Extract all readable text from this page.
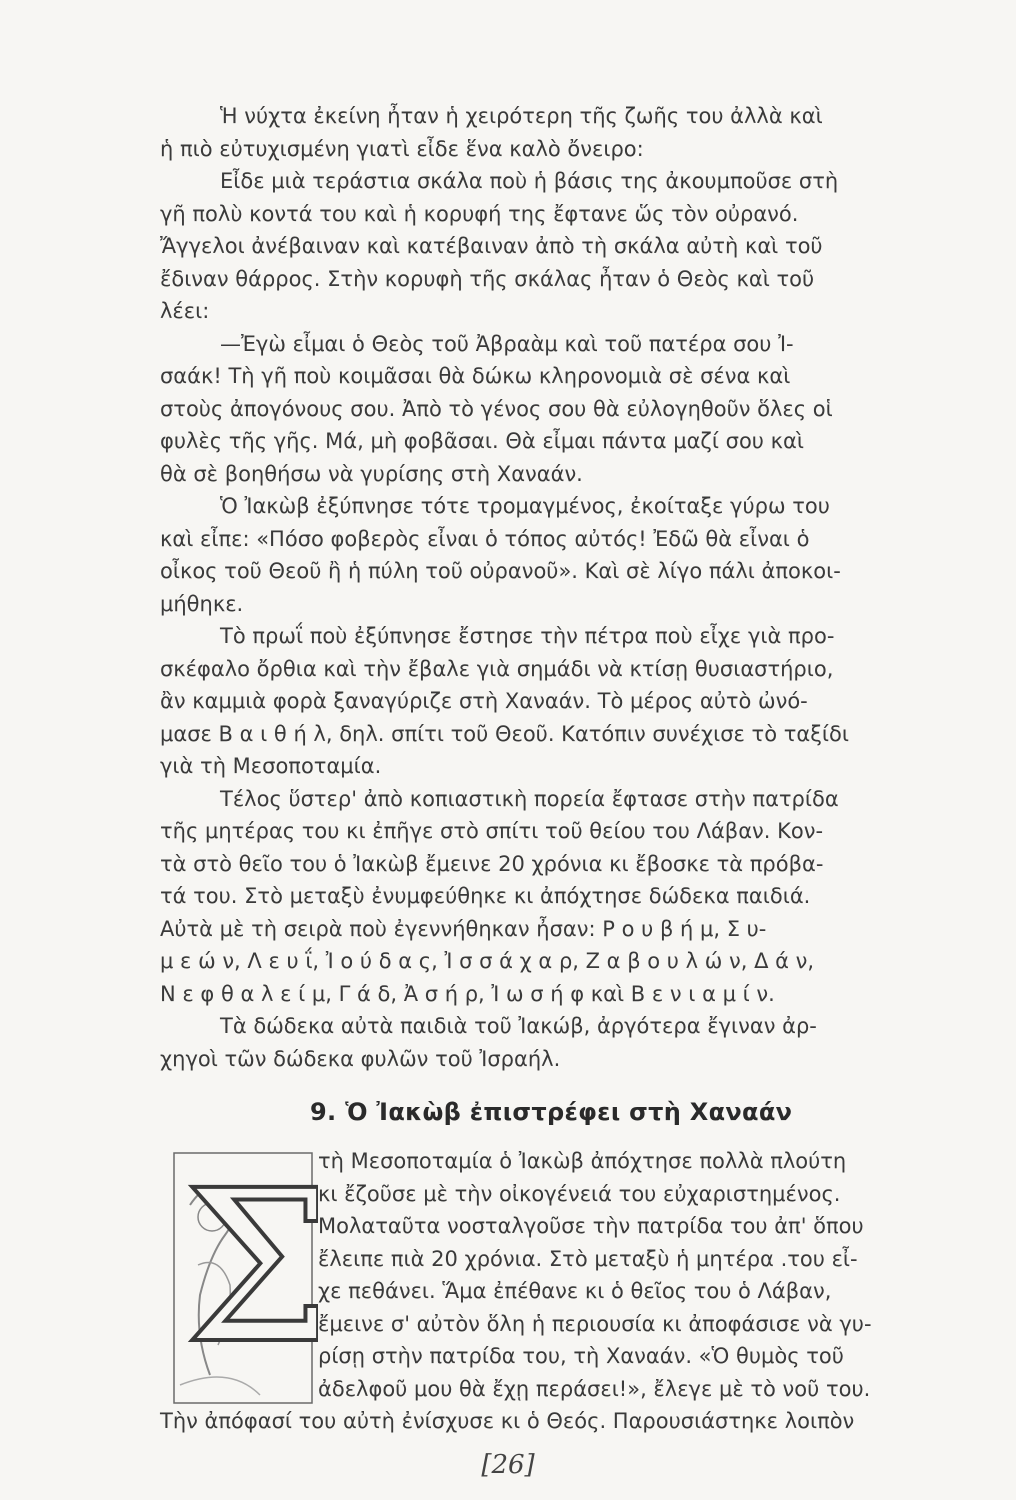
Ἡ νύχτα ἐκείνη ἦταν ἡ χειρότερη τῆς ζωῆς του ἀλλὰ καὶ
ἡ πιὸ εὐτυχισμένη γιατὶ εἶδε ἕνα καλὸ ὄνειρο:

Εἶδε μιὰ τεράστια σκάλα ποὺ ἡ βάσις της ἀκουμποῦσε στὴ
γῆ πολὺ κοντά του καὶ ἡ κορυφή της ἔφτανε ὥς τὸν οὐρανό.
Ἄγγελοι ἀνέβαιναν καὶ κατέβαιναν ἀπὸ τὴ σκάλα αὐτὴ καὶ τοῦ
ἔδιναν θάρρος. Στὴν κορυφὴ τῆς σκάλας ἦταν ὁ Θεὸς καὶ τοῦ
λέει:

—Ἐγὼ εἶμαι ὁ Θεὸς τοῦ Ἀβραὰμ καὶ τοῦ πατέρα σου Ἰ-
σαάκ! Τὴ γῆ ποὺ κοιμᾶσαι θὰ δώκω κληρονομιὰ σὲ σένα καὶ
στοὺς ἀπογόνους σου. Ἀπὸ τὸ γένος σου θὰ εὐλογηθοῦν ὅλες οἱ
φυλὲς τῆς γῆς. Μά, μὴ φοβᾶσαι. Θὰ εἶμαι πάντα μαζί σου καὶ
θὰ σὲ βοηθήσω νὰ γυρίσης στὴ Χαναάν.

Ὁ Ἰακὼβ ἐξύπνησε τότε τρομαγμένος, ἐκοίταξε γύρω του
καὶ εἶπε: «Πόσο φοβερὸς εἶναι ὁ τόπος αὐτός! Ἐδῶ θὰ εἶναι ὁ
οἶκος τοῦ Θεοῦ ἢ ἡ πύλη τοῦ οὐρανοῦ». Καὶ σὲ λίγο πάλι ἀποκοι-
μήθηκε.

Τὸ πρωΐ ποὺ ἐξύπνησε ἔστησε τὴν πέτρα ποὺ εἶχε γιὰ προ-
σκέφαλο ὄρθια καὶ τὴν ἔβαλε γιὰ σημάδι νὰ κτίσῃ θυσιαστήριο,
ἂν καμμιὰ φορὰ ξαναγύριζε στὴ Χαναάν. Τὸ μέρος αὐτὸ ὠνό-
μασε Β α ι θ ή λ, δηλ. σπίτι τοῦ Θεοῦ. Κατόπιν συνέχισε τὸ ταξίδι
γιὰ τὴ Μεσοποταμία.

Τέλος ὕστερ' ἀπὸ κοπιαστικὴ πορεία ἔφτασε στὴν πατρίδα
τῆς μητέρας του κι ἐπῆγε στὸ σπίτι τοῦ θείου του Λάβαν. Κον-
τὰ στὸ θεῖο του ὁ Ἰακὼβ ἔμεινε 20 χρόνια κι ἔβοσκε τὰ πρόβα-
τά του. Στὸ μεταξὺ ἐνυμφεύθηκε κι ἀπόχτησε δώδεκα παιδιά.
Αὐτὰ μὲ τὴ σειρὰ ποὺ ἐγεννήθηκαν ἦσαν: Ρ ο υ β ή μ, Σ υ-
μ ε ώ ν, Λ ε υ ΐ, Ἰ ο ύ δ α ς, Ἰ σ σ ά χ α ρ, Ζ α β ο υ λ ώ ν, Δ ά ν,
Ν ε φ θ α λ ε ί μ, Γ ά δ, Ἀ σ ή ρ, Ἰ ω σ ή φ καὶ Β ε ν ι α μ ί ν.

Τὰ δώδεκα αὐτὰ παιδιὰ τοῦ Ἰακώβ, ἀργότερα ἔγιναν ἀρ-
χηγοὶ τῶν δώδεκα φυλῶν τοῦ Ἰσραήλ.

9. Ὁ Ἰακὼβ ἐπιστρέφει στὴ Χαναάν
Σ

τὴ Μεσοποταμία ὁ Ἰακὼβ ἀπόχτησε πολλὰ πλούτη
κι ἔζοῦσε μὲ τὴν οἰκογένειά του εὐχαριστημένος.
Μολαταῦτα νοσταλγοῦσε τὴν πατρίδα του ἀπ' ὅπου
ἔλειπε πιὰ 20 χρόνια. Στὸ μεταξὺ ἡ μητέρα .του εἶ-
χε πεθάνει. Ἅμα ἐπέθανε κι ὁ θεῖος του ὁ Λάβαν,
ἔμεινε σ' αὐτὸν ὅλη ἡ περιουσία κι ἀποφάσισε νὰ γυ-
ρίσῃ στὴν πατρίδα του, τὴ Χαναάν. «Ὁ θυμὸς τοῦ
ἀδελφοῦ μου θὰ ἔχῃ περάσει!», ἔλεγε μὲ τὸ νοῦ του.

Τὴν ἀπόφασί του αὐτὴ ἐνίσχυσε κι ὁ Θεός. Παρουσιάστηκε λοιπὸν

[26]
